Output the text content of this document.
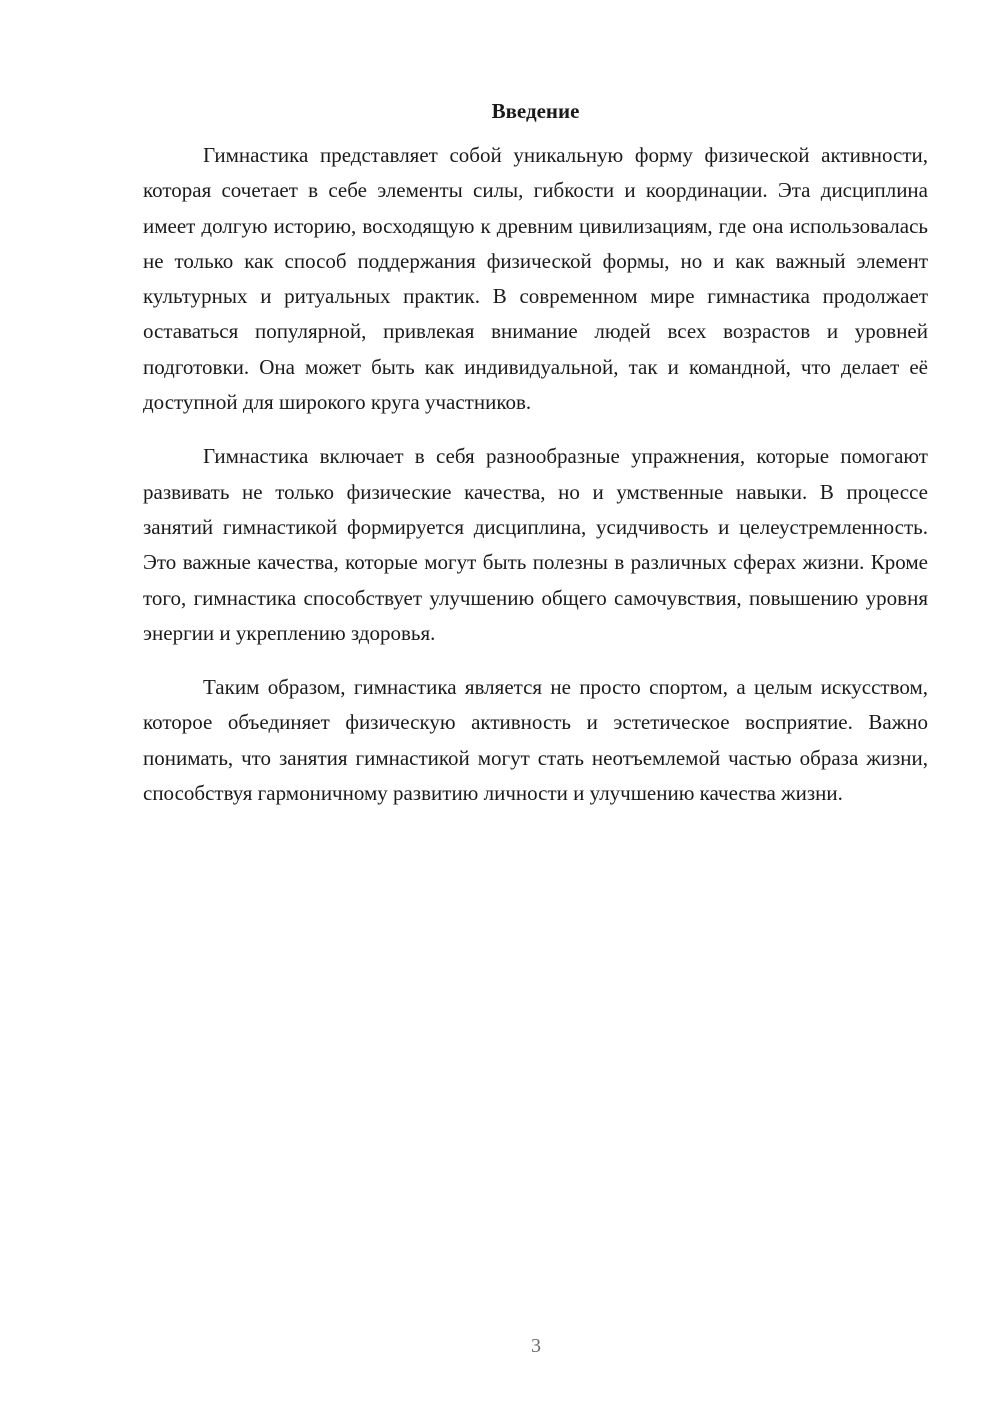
Введение

Гимнастика представляет собой уникальную форму физической активности, которая сочетает в себе элементы силы, гибкости и координации. Эта дисциплина имеет долгую историю, восходящую к древним цивилизациям, где она использовалась не только как способ поддержания физической формы, но и как важный элемент культурных и ритуальных практик. В современном мире гимнастика продолжает оставаться популярной, привлекая внимание людей всех возрастов и уровней подготовки. Она может быть как индивидуальной, так и командной, что делает её доступной для широкого круга участников.

Гимнастика включает в себя разнообразные упражнения, которые помогают развивать не только физические качества, но и умственные навыки. В процессе занятий гимнастикой формируется дисциплина, усидчивость и целеустремленность. Это важные качества, которые могут быть полезны в различных сферах жизни. Кроме того, гимнастика способствует улучшению общего самочувствия, повышению уровня энергии и укреплению здоровья.

Таким образом, гимнастика является не просто спортом, а целым искусством, которое объединяет физическую активность и эстетическое восприятие. Важно понимать, что занятия гимнастикой могут стать неотъемлемой частью образа жизни, способствуя гармоничному развитию личности и улучшению качества жизни.

3
